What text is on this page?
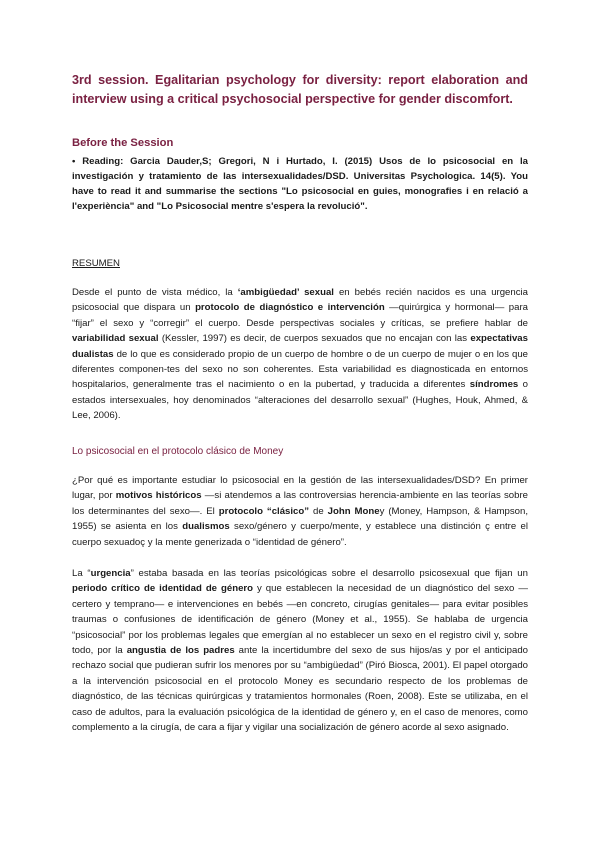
3rd session. Egalitarian psychology for diversity: report elaboration and interview using a critical psychosocial perspective for gender discomfort.

Before the Session

• Reading: Garcia Dauder,S; Gregori, N i Hurtado, I. (2015) Usos de lo psicosocial en la investigación y tratamiento de las intersexualidades/DSD. Universitas Psychologica. 14(5). You have to read it and summarise the sections "Lo psicosocial en guies, monografies i en relació a l'experiència" and "Lo Psicosocial mentre s'espera la revolució".

RESUMEN

Desde el punto de vista médico, la ‘ambigüedad’ sexual en bebés recién nacidos es una urgencia psicosocial que dispara un protocolo de diagnóstico e intervención —quirúrgica y hormonal— para “fijar” el sexo y “corregir” el cuerpo. Desde perspectivas sociales y críticas, se prefiere hablar de variabilidad sexual (Kessler, 1997) es decir, de cuerpos sexuados que no encajan con las expectativas dualistas de lo que es considerado propio de un cuerpo de hombre o de un cuerpo de mujer o en los que diferentes componen-tes del sexo no son coherentes. Esta variabilidad es diagnosticada en entornos hospitalarios, generalmente tras el nacimiento o en la pubertad, y traducida a diferentes síndromes o estados intersexuales, hoy denominados “alteraciones del desarrollo sexual” (Hughes, Houk, Ahmed, & Lee, 2006).

Lo psicosocial en el protocolo clásico de Money

¿Por qué es importante estudiar lo psicosocial en la gestión de las intersexualidades/DSD? En primer lugar, por motivos históricos —si atendemos a las controversias herencia-ambiente en las teorías sobre los determinantes del sexo—. El protocolo “clásico” de John Money (Money, Hampson, & Hampson, 1955) se asienta en los dualismos sexo/género y cuerpo/mente, y establece una distinción ç entre el cuerpo sexuadoç y la mente generizada o “identidad de género”.

La “urgencia” estaba basada en las teorías psicológicas sobre el desarrollo psicosexual que fijan un periodo crítico de identidad de género y que establecen la necesidad de un diagnóstico del sexo —certero y temprano— e intervenciones en bebés —en concreto, cirugías genitales— para evitar posibles traumas o confusiones de identificación de género (Money et al., 1955). Se hablaba de urgencia “psicosocial” por los problemas legales que emergían al no establecer un sexo en el registro civil y, sobre todo, por la angustia de los padres ante la incertidumbre del sexo de sus hijos/as y por el anticipado rechazo social que pudieran sufrir los menores por su “ambigüedad” (Piró Biosca, 2001). El papel otorgado a la intervención psicosocial en el protocolo Money es secundario respecto de los problemas de diagnóstico, de las técnicas quirúrgicas y tratamientos hormonales (Roen, 2008). Este se utilizaba, en el caso de adultos, para la evaluación psicológica de la identidad de género y, en el caso de menores, como complemento a la cirugía, de cara a fijar y vigilar una socialización de género acorde al sexo asignado.
